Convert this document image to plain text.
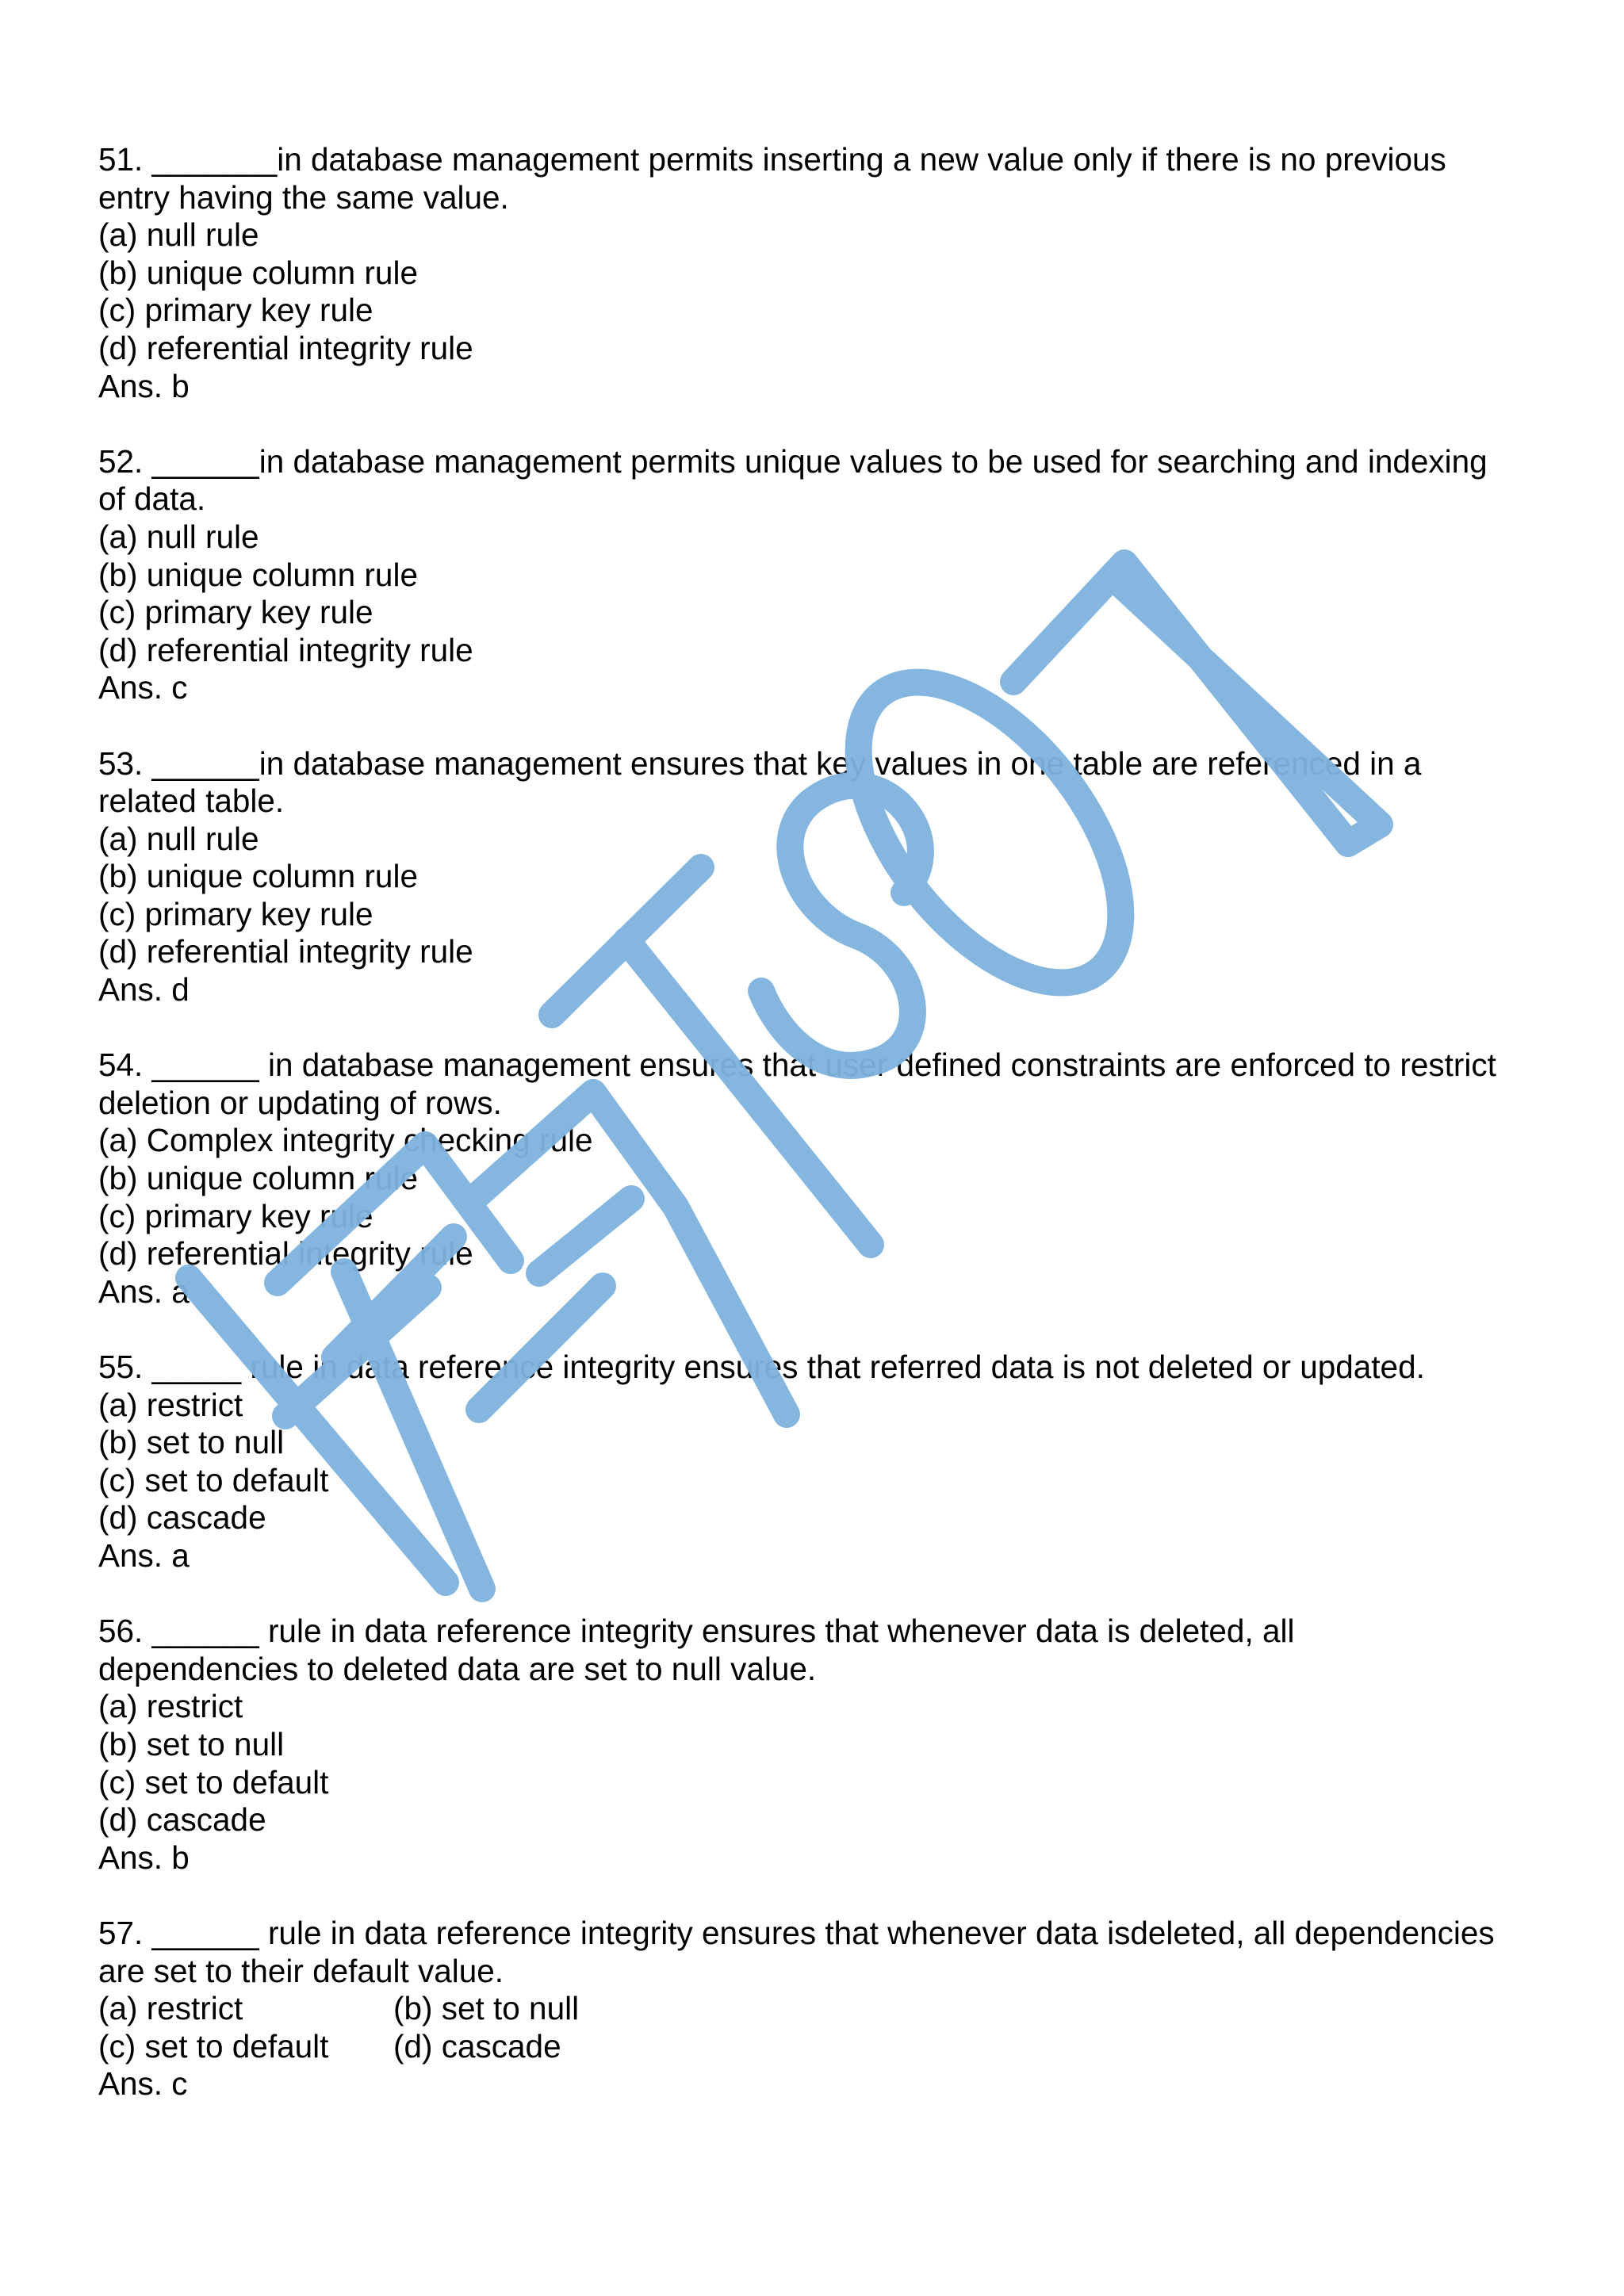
51. _______in database management permits inserting a new value only if there is no previous
entry having the same value.
(a) null rule
(b) unique column rule
(c) primary key rule
(d) referential integrity rule
Ans. b
52. ______in database management permits unique values to be used for searching and indexing
of data.
(a) null rule
(b) unique column rule
(c) primary key rule
(d) referential integrity rule
Ans. c
53. ______in database management ensures that key values in one table are referenced in a
related table.
(a) null rule
(b) unique column rule
(c) primary key rule
(d) referential integrity rule
Ans. d
54. ______ in database management ensures that user defined constraints are enforced to restrict
deletion or updating of rows.
(a) Complex integrity checking rule
(b) unique column rule
(c) primary key rule
(d) referential integrity rule
Ans. a
55. _____ rule in data reference integrity ensures that referred data is not deleted or updated.
(a) restrict
(b) set to null
(c) set to default
(d) cascade
Ans. a
56. ______ rule in data reference integrity ensures that whenever data is deleted, all
dependencies to deleted data are set to null value.
(a) restrict
(b) set to null
(c) set to default
(d) cascade
Ans. b
57. ______ rule in data reference integrity ensures that whenever data isdeleted, all dependencies
are set to their default value.
(a) restrict	(b) set to null
(c) set to default (d) cascade
Ans. c
